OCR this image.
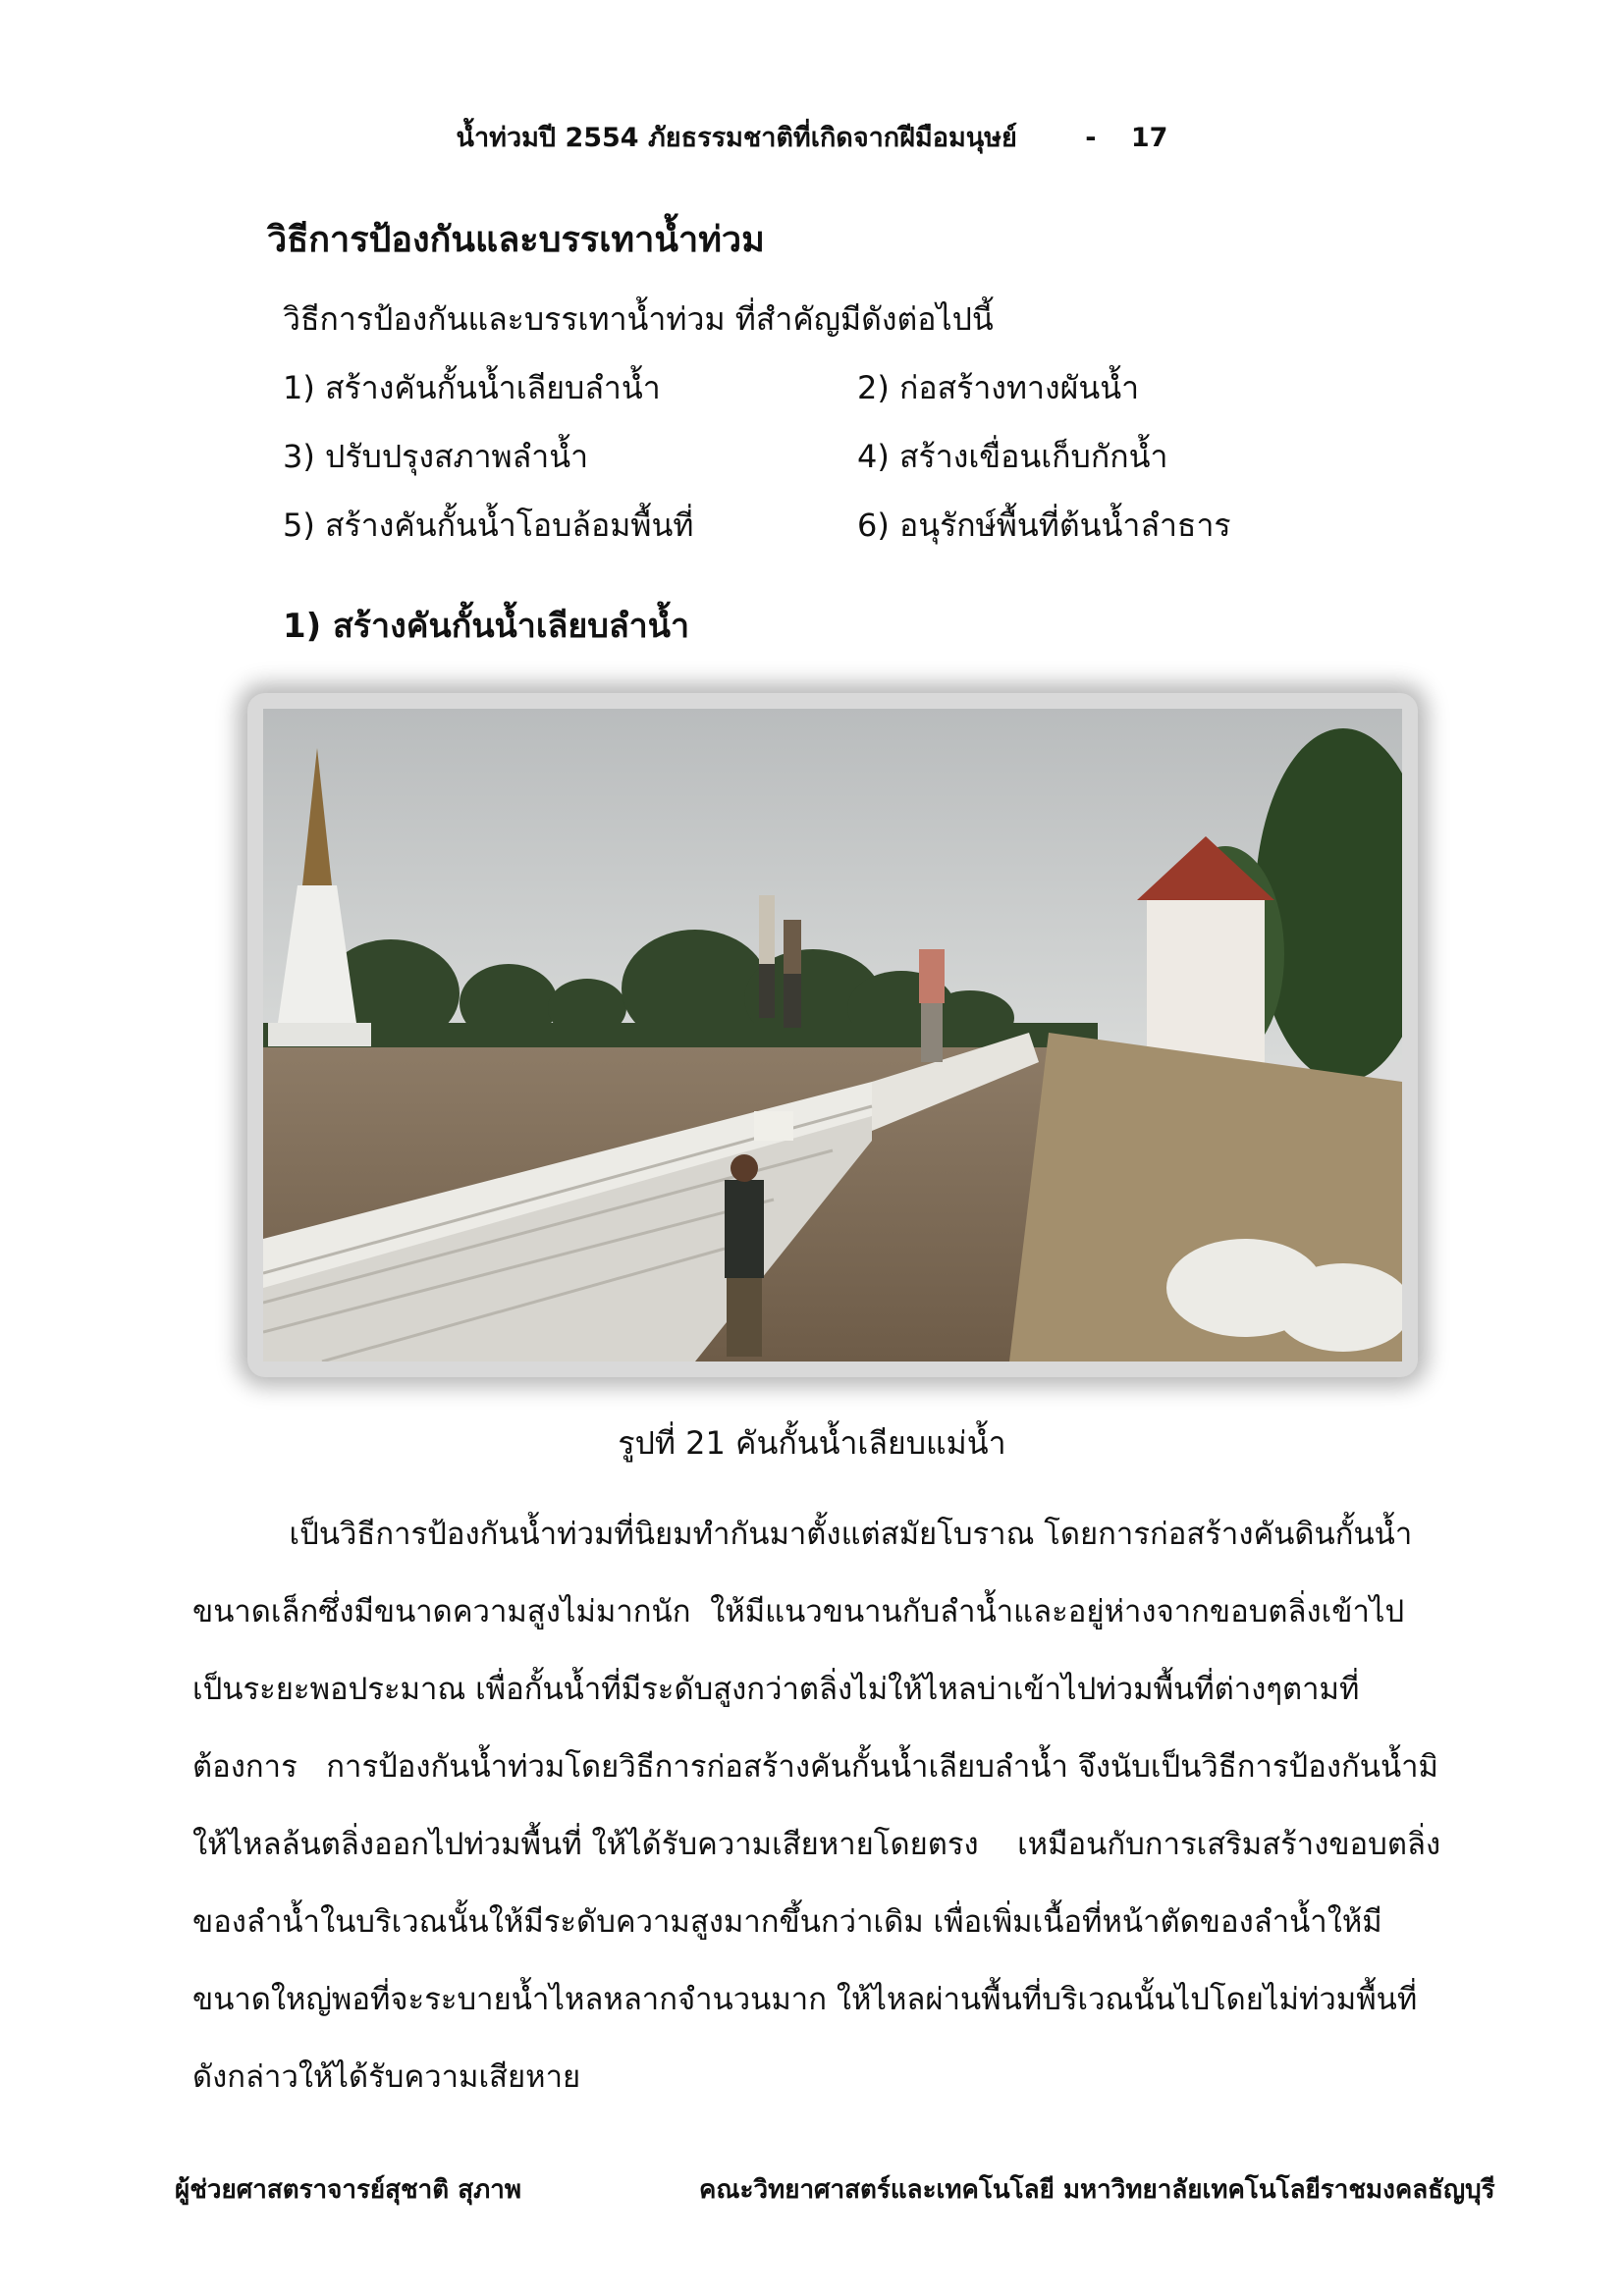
น้ำท่วมปี 2554 ภัยธรรมชาติที่เกิดจากฝีมือมนุษย์	- 17
วิธีการป้องกันและบรรเทาน้ำท่วม
วิธีการป้องกันและบรรเทาน้ำท่วม ที่สำคัญมีดังต่อไปนี้
1) สร้างคันกั้นน้ำเลียบลำน้ำ	2) ก่อสร้างทางผันน้ำ
3) ปรับปรุงสภาพลำน้ำ	4) สร้างเขื่อนเก็บกักน้ำ
5) สร้างคันกั้นน้ำโอบล้อมพื้นที่	6) อนุรักษ์พื้นที่ต้นน้ำลำธาร
1) สร้างคันกั้นน้ำเลียบลำน้ำ
รูปที่ 21 คันกั้นน้ำเลียบแม่น้ำ
เป็นวิธีการป้องกันน้ำท่วมที่นิยมทำกันมาตั้งแต่สมัยโบราณ โดยการก่อสร้างคันดินกั้นน้ำ
ขนาดเล็กซึ่งมีขนาดความสูงไม่มากนัก  ให้มีแนวขนานกับลำน้ำและอยู่ห่างจากขอบตลิ่งเข้าไป
เป็นระยะพอประมาณ เพื่อกั้นน้ำที่มีระดับสูงกว่าตลิ่งไม่ให้ไหลบ่าเข้าไปท่วมพื้นที่ต่างๆตามที่
ต้องการ   การป้องกันน้ำท่วมโดยวิธีการก่อสร้างคันกั้นน้ำเลียบลำน้ำ จึงนับเป็นวิธีการป้องกันน้ำมิ
ให้ไหลล้นตลิ่งออกไปท่วมพื้นที่ ให้ได้รับความเสียหายโดยตรง    เหมือนกับการเสริมสร้างขอบตลิ่ง
ของลำน้ำในบริเวณนั้นให้มีระดับความสูงมากขึ้นกว่าเดิม เพื่อเพิ่มเนื้อที่หน้าตัดของลำน้ำให้มี
ขนาดใหญ่พอที่จะระบายน้ำไหลหลากจำนวนมาก ให้ไหลผ่านพื้นที่บริเวณนั้นไปโดยไม่ท่วมพื้นที่
ดังกล่าวให้ได้รับความเสียหาย
ผู้ช่วยศาสตราจารย์สุชาติ สุภาพ	คณะวิทยาศาสตร์และเทคโนโลยี มหาวิทยาลัยเทคโนโลยีราชมงคลธัญบุรี
